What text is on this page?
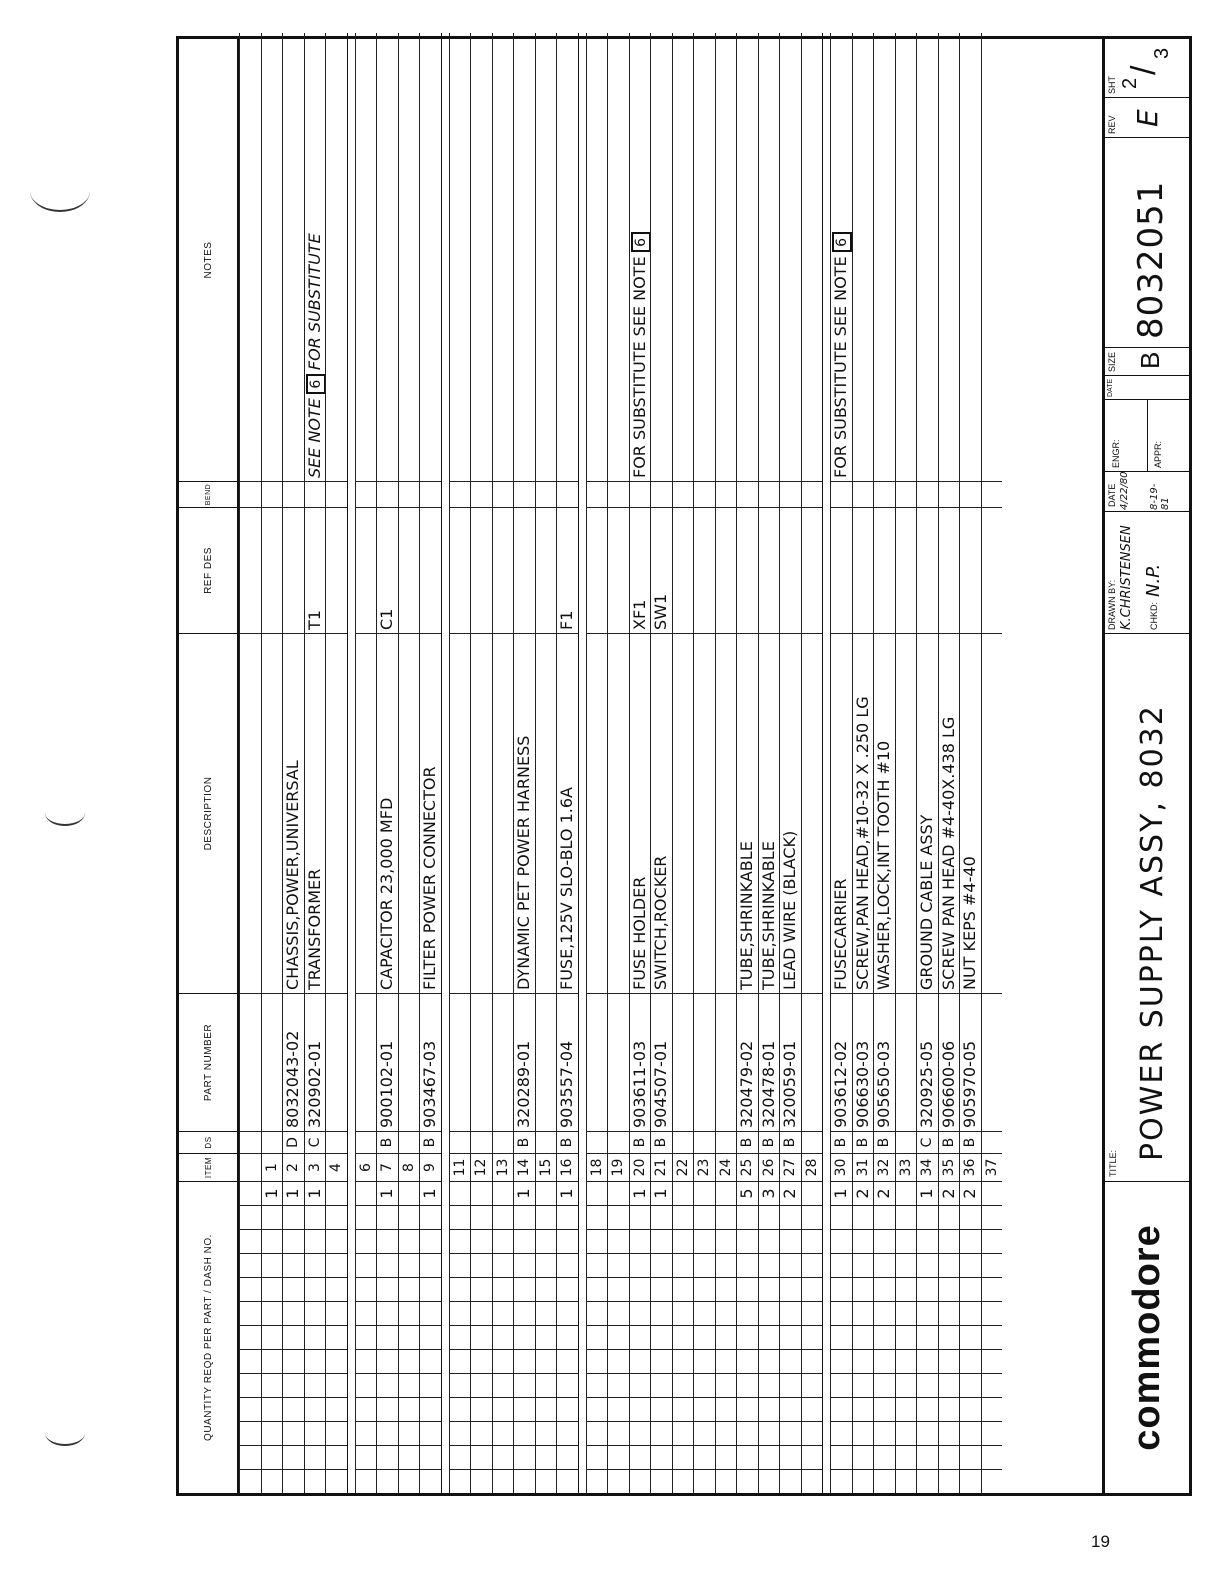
QUANTITY REQD PER PART / DASH NO.
ITEM
DS
PART NUMBER
DESCRIPTION
REF DES
BEND
NOTES
1
1
1
2
D
8032043-02
CHASSIS,POWER,UNIVERSAL
1
3
C
320902-01
TRANSFORMER
T1
SEE NOTE6FOR SUBSTITUTE
4 6
1
7
B
900102-01
CAPACITOR 23,000 MFD
C1
8
1
9
B
903467-03
FILTER POWER CONNECTOR
11 12 13
1
14
B
320289-01
DYNAMIC PET POWER HARNESS
15
1
16
B
903557-04
FUSE,125V SLO-BLO 1.6A
F1
18 19
1
20
B
903611-03
FUSE HOLDER
XF1
FOR SUBSTITUTE SEE NOTE6
1
21
B
904507-01
SWITCH,ROCKER
SW1
22 23 24
5
25
B
320479-02
TUBE,SHRINKABLE
3
26
B
320478-01
TUBE,SHRINKABLE
2
27
B
320059-01
LEAD WIRE (BLACK)
28
1
30
B
903612-02
FUSECARRIER
FOR SUBSTITUTE SEE NOTE6
2
31
B
906630-03
SCREW,PAN HEAD,#10-32 X .250 LG
2
32
B
905650-03
WASHER,LOCK,INT TOOTH #10
33
1
34
C
320925-05
GROUND CABLE ASSY
2
35
B
906600-06
SCREW PAN HEAD #4-40X.438 LG
2
36
B
905970-05
NUT KEPS #4-40
37
commodore
TITLE:
POWER SUPPLY ASSY, 8032
DRAWN BY: K.CHRISTENSEN CHKD:
N.P.
DATE 4/22/80 8-19-81
ENGR:	APPR:
DATE
SIZE B
8032051
REV E
SHT 2
/
3
19
